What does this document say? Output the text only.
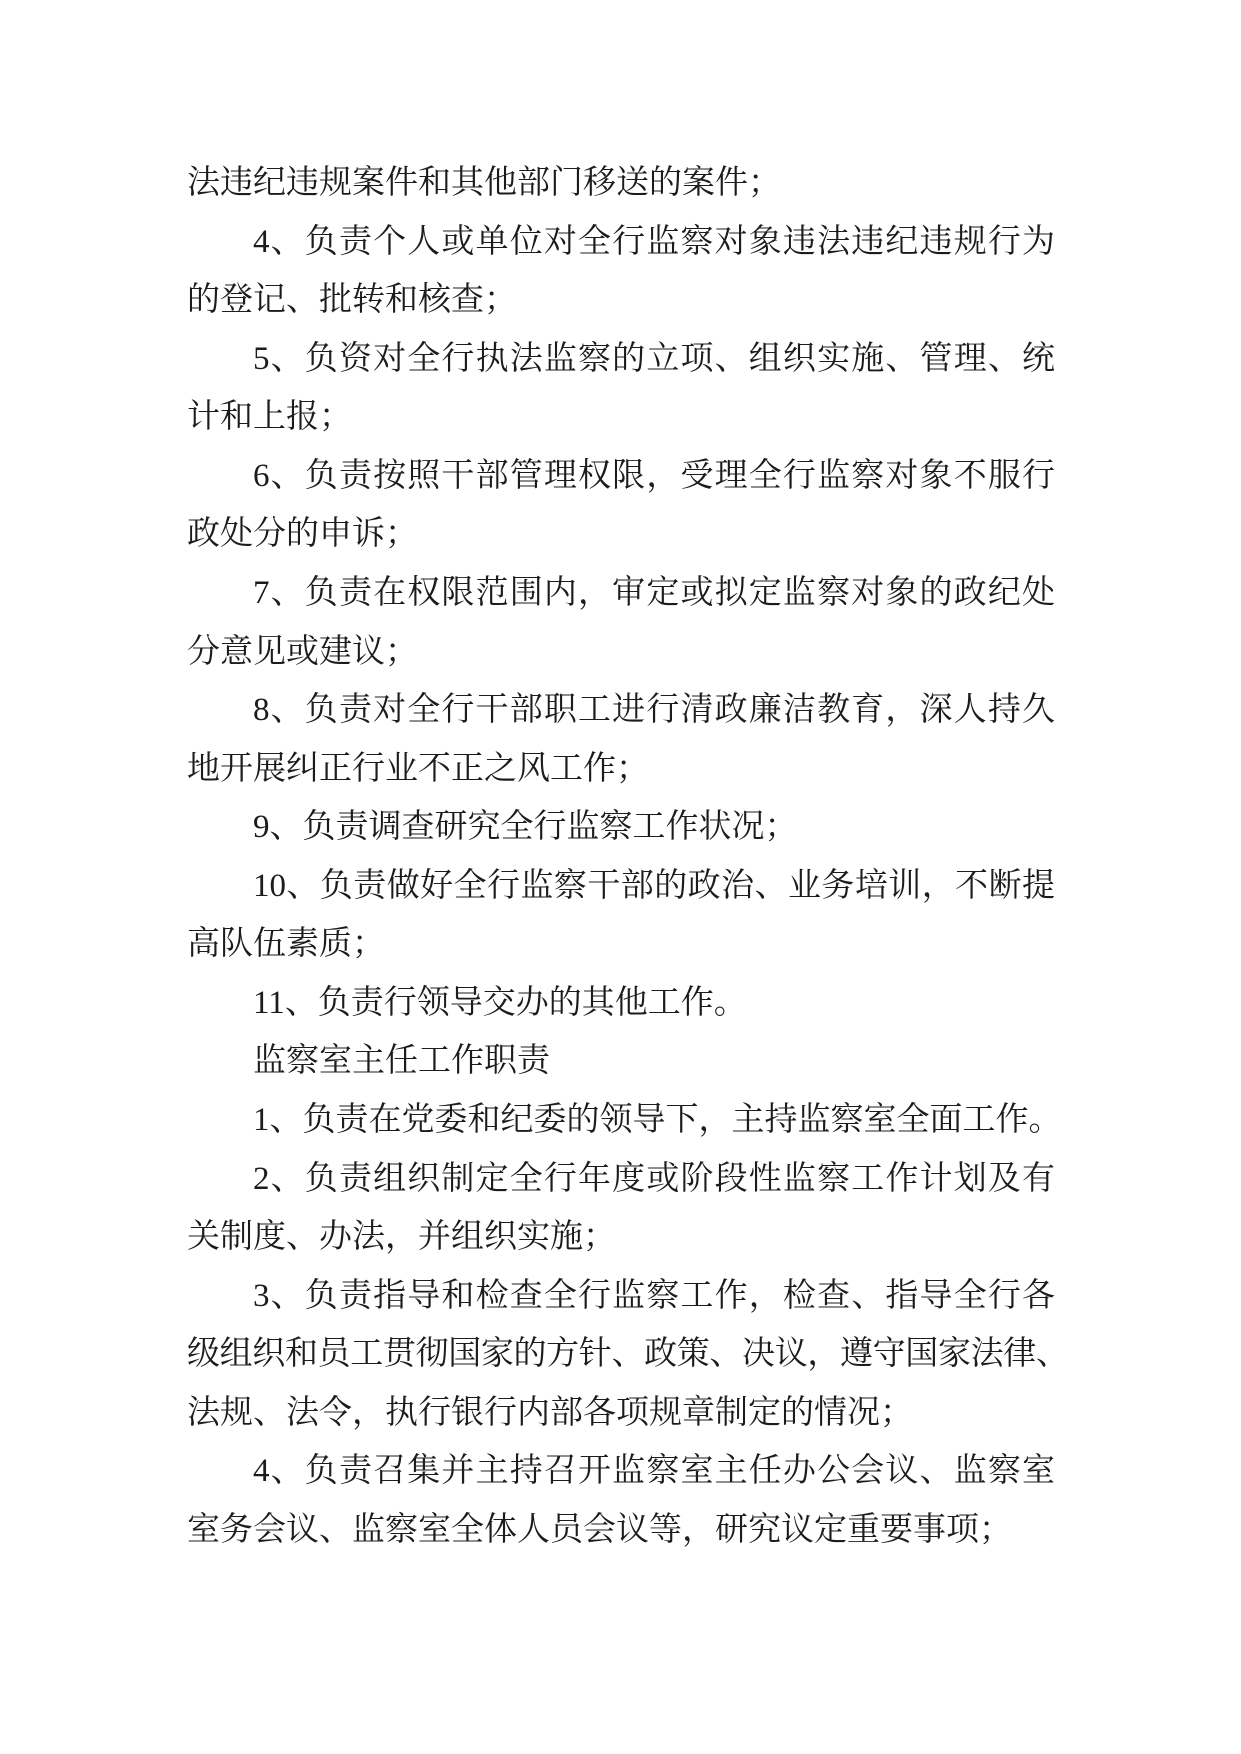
法违纪违规案件和其他部门移送的案件；
4、负责个人或单位对全行监察对象违法违纪违规行为
的登记、批转和核查；
5、负资对全行执法监察的立项、组织实施、管理、统
计和上报；
6、负责按照干部管理权限，受理全行监察对象不服行
政处分的申诉；
7、负责在权限范围内，审定或拟定监察对象的政纪处
分意见或建议；
8、负责对全行干部职工进行清政廉洁教育，深人持久
地开展纠正行业不正之风工作；
9、负责调查研究全行监察工作状况；
10、负责做好全行监察干部的政治、业务培训，不断提
高队伍素质；
11、负责行领导交办的其他工作。
监察室主任工作职责
1、负责在党委和纪委的领导下，主持监察室全面工作。
2、负责组织制定全行年度或阶段性监察工作计划及有
关制度、办法，并组织实施；
3、负责指导和检查全行监察工作，检查、指导全行各
级组织和员工贯彻国家的方针、政策、决议，遵守国家法律、
法规、法令，执行银行内部各项规章制定的情况；
4、负责召集并主持召开监察室主任办公会议、监察室
室务会议、监察室全体人员会议等，研究议定重要事项；
